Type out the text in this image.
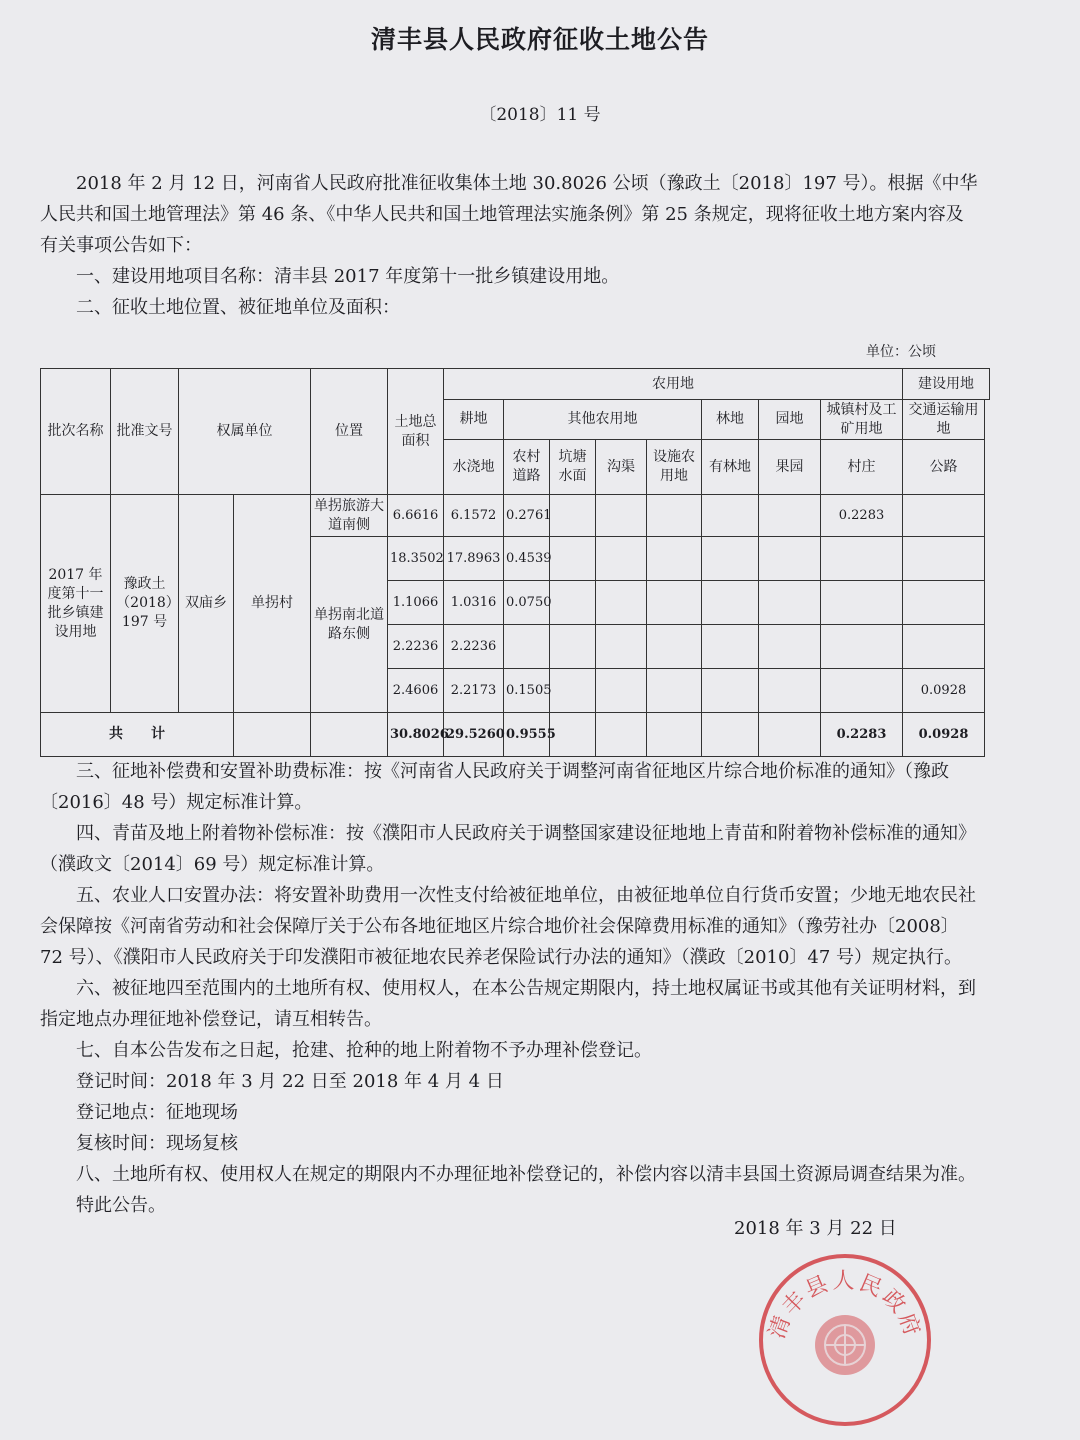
清丰县人民政府征收土地公告
〔2018〕11 号

2018 年 2 月 12 日，河南省人民政府批准征收集体土地 30.8026 公顷（豫政土〔2018〕197 号）。根据《中华人民共和国土地管理法》第 46 条、《中华人民共和国土地管理法实施条例》第 25 条规定，现将征收土地方案内容及有关事项公告如下：

一、建设用地项目名称：清丰县 2017 年度第十一批乡镇建设用地。

二、征收土地位置、被征地单位及面积：

单位：公顷
批次名称	批准文号	权属单位		位置	土地总面积	农用地								建设用地
						耕地	其他农用地				林地	园地	城镇村及工矿用地	交通运输用　地
						水浇地	农村道路	坑塘水面	沟渠	设施农用地	有林地	果园	村庄	公路
2017 年度第十一批乡镇建设用地	豫政土（2018）197 号	双庙乡	单拐村	单拐旅游大道南侧	6.6616	6.1572	0.2761						0.2283	
				单拐南北道路东侧	18.3502	17.8963	0.4539							
					1.1066	1.0316	0.0750							
					2.2236	2.2236								
					2.4606	2.2173	0.1505							0.0928
共　　计					30.8026	29.5260	0.9555						0.2283	0.0928

三、征地补偿费和安置补助费标准：按《河南省人民政府关于调整河南省征地区片综合地价标准的通知》（豫政〔2016〕48 号）规定标准计算。

四、青苗及地上附着物补偿标准：按《濮阳市人民政府关于调整国家建设征地地上青苗和附着物补偿标准的通知》（濮政文〔2014〕69 号）规定标准计算。

五、农业人口安置办法：将安置补助费用一次性支付给被征地单位，由被征地单位自行货币安置；少地无地农民社会保障按《河南省劳动和社会保障厅关于公布各地征地区片综合地价社会保障费用标准的通知》（豫劳社办〔2008〕72 号）、《濮阳市人民政府关于印发濮阳市被征地农民养老保险试行办法的通知》（濮政〔2010〕47 号）规定执行。

六、被征地四至范围内的土地所有权、使用权人，在本公告规定期限内，持土地权属证书或其他有关证明材料，到指定地点办理征地补偿登记，请互相转告。

七、自本公告发布之日起，抢建、抢种的地上附着物不予办理补偿登记。

登记时间：2018 年 3 月 22 日至 2018 年 4 月 4 日

登记地点：征地现场

复核时间：现场复核

八、土地所有权、使用权人在规定的期限内不办理征地补偿登记的，补偿内容以清丰县国土资源局调查结果为准。

特此公告。

2018 年 3 月 22 日
清丰县人民政府
